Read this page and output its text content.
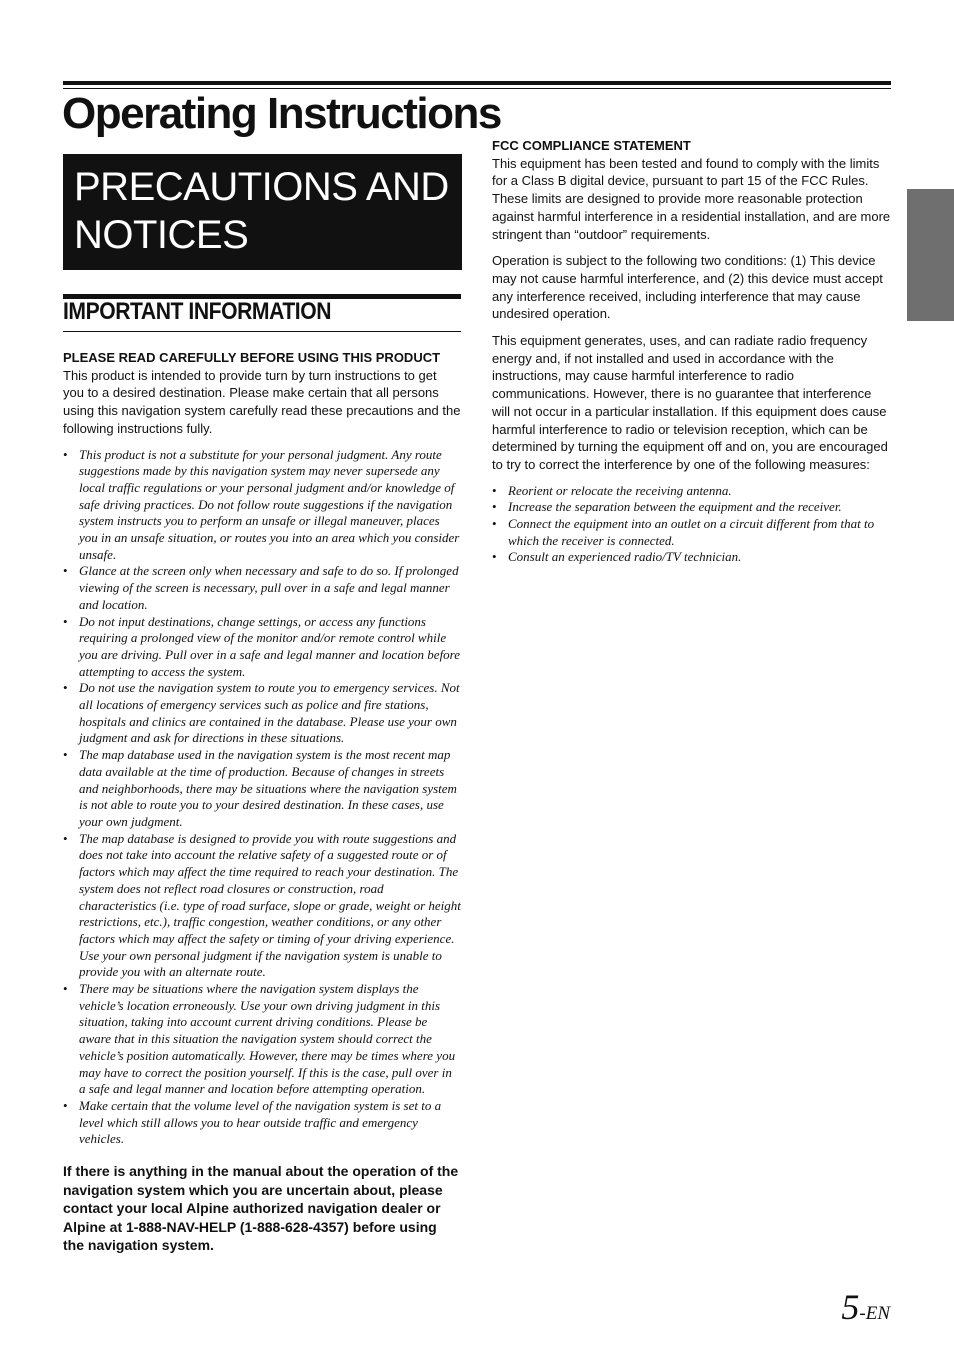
Operating Instructions
PRECAUTIONS AND
NOTICES
IMPORTANT INFORMATION

PLEASE READ CAREFULLY BEFORE USING THIS PRODUCT

This product is intended to provide turn by turn instructions to get you to a desired destination. Please make certain that all persons using this navigation system carefully read these precautions and the following instructions fully.

• This product is not a substitute for your personal judgment. Any route suggestions made by this navigation system may never supersede any local traffic regulations or your personal judgment and/or knowledge of safe driving practices. Do not follow route suggestions if the navigation system instructs you to perform an unsafe or illegal maneuver, places you in an unsafe situation, or routes you into an area which you consider unsafe.
• Glance at the screen only when necessary and safe to do so. If prolonged viewing of the screen is necessary, pull over in a safe and legal manner and location.
• Do not input destinations, change settings, or access any functions requiring a prolonged view of the monitor and/or remote control while you are driving. Pull over in a safe and legal manner and location before attempting to access the system.
• Do not use the navigation system to route you to emergency services. Not all locations of emergency services such as police and fire stations, hospitals and clinics are contained in the database. Please use your own judgment and ask for directions in these situations.
• The map database used in the navigation system is the most recent map data available at the time of production. Because of changes in streets and neighborhoods, there may be situations where the navigation system is not able to route you to your desired destination. In these cases, use your own judgment.
• The map database is designed to provide you with route suggestions and does not take into account the relative safety of a suggested route or of factors which may affect the time required to reach your destination. The system does not reflect road closures or construction, road characteristics (i.e. type of road surface, slope or grade, weight or height restrictions, etc.), traffic congestion, weather conditions, or any other factors which may affect the safety or timing of your driving experience. Use your own personal judgment if the navigation system is unable to provide you with an alternate route.
• There may be situations where the navigation system displays the vehicle’s location erroneously. Use your own driving judgment in this situation, taking into account current driving conditions. Please be aware that in this situation the navigation system should correct the vehicle’s position automatically. However, there may be times where you may have to correct the position yourself. If this is the case, pull over in a safe and legal manner and location before attempting operation.
• Make certain that the volume level of the navigation system is set to a level which still allows you to hear outside traffic and emergency vehicles.

If there is anything in the manual about the operation of the navigation system which you are uncertain about, please contact your local Alpine authorized navigation dealer or Alpine at 1-888-NAV-HELP (1-888-628-4357) before using the navigation system.

FCC COMPLIANCE STATEMENT

This equipment has been tested and found to comply with the limits for a Class B digital device, pursuant to part 15 of the FCC Rules. These limits are designed to provide more reasonable protection against harmful interference in a residential installation, and are more stringent than “outdoor” requirements.

Operation is subject to the following two conditions: (1) This device may not cause harmful interference, and (2) this device must accept any interference received, including interference that may cause undesired operation.

This equipment generates, uses, and can radiate radio frequency energy and, if not installed and used in accordance with the instructions, may cause harmful interference to radio communications. However, there is no guarantee that interference will not occur in a particular installation. If this equipment does cause harmful interference to radio or television reception, which can be determined by turning the equipment off and on, you are encouraged to try to correct the interference by one of the following measures:

• Reorient or relocate the receiving antenna.
• Increase the separation between the equipment and the receiver.
• Connect the equipment into an outlet on a circuit different from that to which the receiver is connected.
• Consult an experienced radio/TV technician.
5-EN
